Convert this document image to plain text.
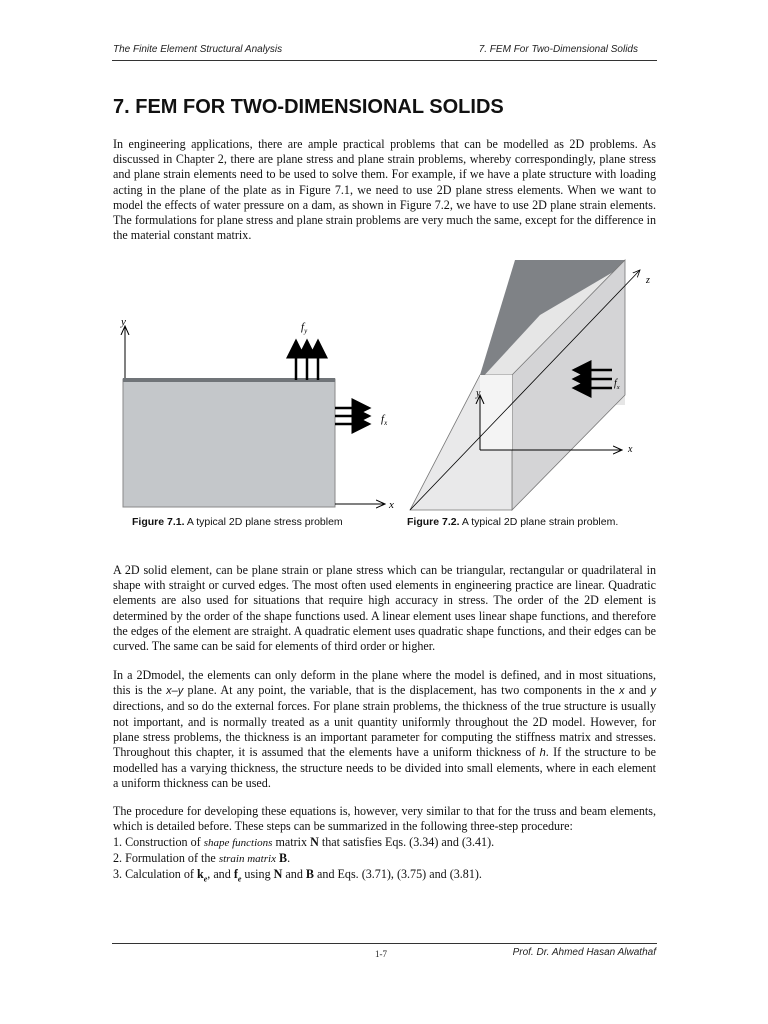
The Finite Element Structural Analysis	7. FEM For Two-Dimensional Solids
7. FEM FOR TWO-DIMENSIONAL SOLIDS

In engineering applications, there are ample practical problems that can be modelled as 2D problems. As discussed in Chapter 2, there are plane stress and plane strain problems, whereby correspondingly, plane stress and plane strain elements need to be used to solve them. For example, if we have a plate structure with loading acting in the plane of the plate as in Figure 7.1, we need to use 2D plane stress elements. When we want to model the effects of water pressure on a dam, as shown in Figure 7.2, we have to use 2D plane strain elements. The formulations for plane stress and plane strain problems are very much the same, except for the difference in the material constant matrix.

y
x
$f_y$
$f_x$
Figure 7.1. A typical 2D plane stress problem
y
x
z
$f_x$
Figure 7.2. A typical 2D plane strain problem.

A 2D solid element, can be plane strain or plane stress which can be triangular, rectangular or quadrilateral in shape with straight or curved edges. The most often used elements in engineering practice are linear. Quadratic elements are also used for situations that require high accuracy in stress. The order of the 2D element is determined by the order of the shape functions used. A linear element uses linear shape functions, and therefore the edges of the element are straight. A quadratic element uses quadratic shape functions, and their edges can be curved. The same can be said for elements of third order or higher.

In a 2Dmodel, the elements can only deform in the plane where the model is defined, and in most situations, this is the x–y plane. At any point, the variable, that is the displacement, has two components in the x and y directions, and so do the external forces. For plane strain problems, the thickness of the true structure is usually not important, and is normally treated as a unit quantity uniformly throughout the 2D model. However, for plane stress problems, the thickness is an important parameter for computing the stiffness matrix and stresses. Throughout this chapter, it is assumed that the elements have a uniform thickness of h. If the structure to be modelled has a varying thickness, the structure needs to be divided into small elements, where in each element a uniform thickness can be used.

The procedure for developing these equations is, however, very similar to that for the truss and beam elements, which is detailed before. These steps can be summarized in the following three-step procedure:

1. Construction of shape functions matrix N that satisfies Eqs. (3.34) and (3.41).
2. Formulation of the strain matrix B.
3. Calculation of $k_e$, and $f_e$ using N and B and Eqs. (3.71), (3.75) and (3.81).
1-7	Prof. Dr. Ahmed Hasan Alwathaf
